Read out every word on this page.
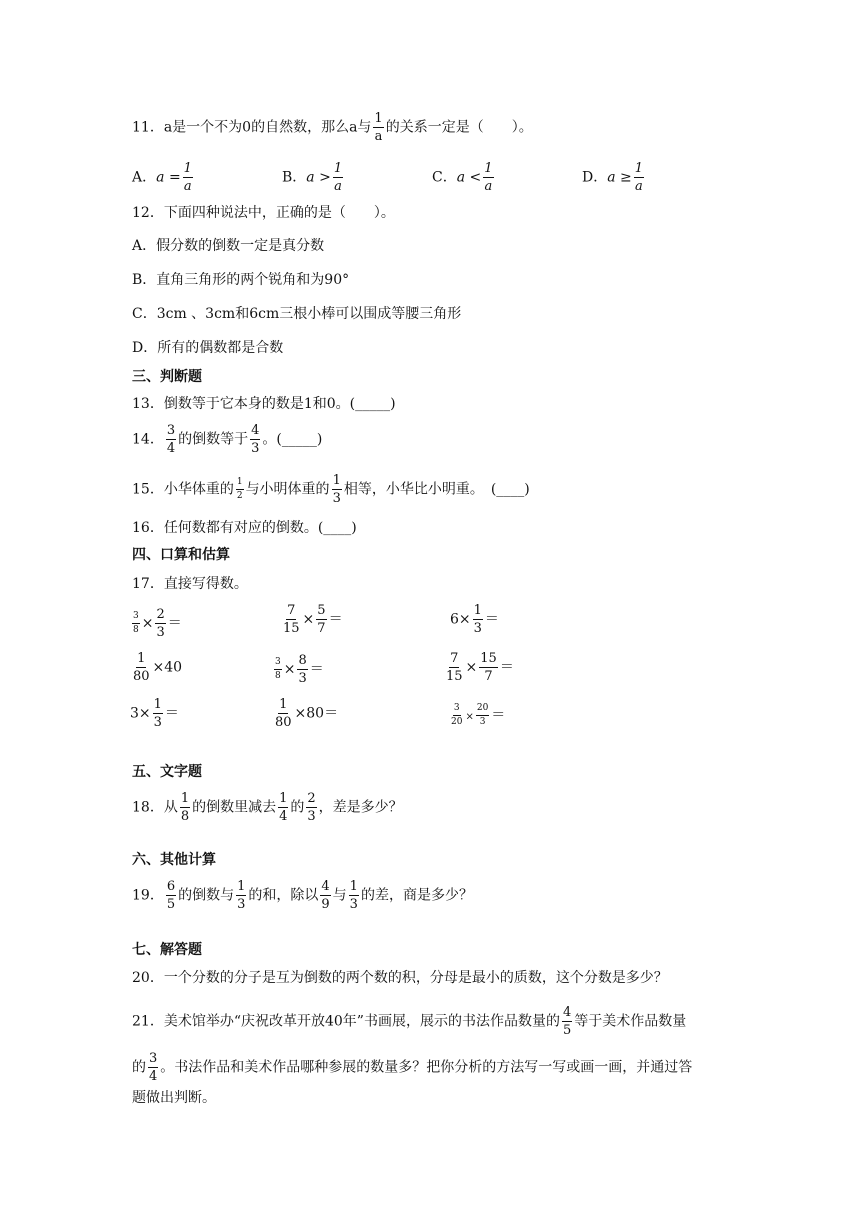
11．a是一个不为0的自然数，那么a与 $\frac{1}{a}$ 的关系一定是（　　）。
A．$a = \frac{1}{a}$	B．$a > \frac{1}{a}$	C．$a < \frac{1}{a}$	D．$a \ge \frac{1}{a}$
12．下面四种说法中，正确的是（　　）。
A．假分数的倒数一定是真分数
B．直角三角形的两个锐角和为90°
C．3cm 、3cm和6cm三根小棒可以围成等腰三角形
D．所有的偶数都是合数
三、判断题
13．倒数等于它本身的数是1和0。(_____)
14． $\frac{3}{4}$ 的倒数等于 $\frac{4}{3}$ 。(_____)
15．小华体重的 $\frac{1}{2}$ 与小明体重的 $\frac{1}{3}$ 相等，小华比小明重。　(____)
16．任何数都有对应的倒数。(____)
四、口算和估算
17．直接写得数。
$\frac{3}{8} \times \frac{2}{3}$ ＝	$\frac{7}{15} \times \frac{5}{7}$ ＝	$6\times \frac{1}{3}$ ＝
$\frac{1}{80} \times 40$	$\frac{3}{8} \times \frac{8}{3}$ ＝	$\frac{7}{15} \times \frac{15}{7}$ ＝
$3\times \frac{1}{3}$ ＝	$\frac{1}{80} \times 80=$	$\frac{3}{20} \times \frac{20}{3}$ ＝
五、文字题
18．从 $\frac{1}{8}$ 的倒数里减去 $\frac{1}{4}$ 的 $\frac{2}{3}$ ，差是多少？
六、其他计算
19． $\frac{6}{5}$ 的倒数与 $\frac{1}{3}$ 的和，除以 $\frac{4}{9}$ 与 $\frac{1}{3}$ 的差，商是多少？
七、解答题
20．一个分数的分子是互为倒数的两个数的积，分母是最小的质数，这个分数是多少？
21．美术馆举办“庆祝改革开放40年”书画展，展示的书法作品数量的 $\frac{4}{5}$ 等于美术作品数量
的 $\frac{3}{4}$ 。书法作品和美术作品哪种参展的数量多？把你分析的方法写一写或画一画，并通过答
题做出判断。
